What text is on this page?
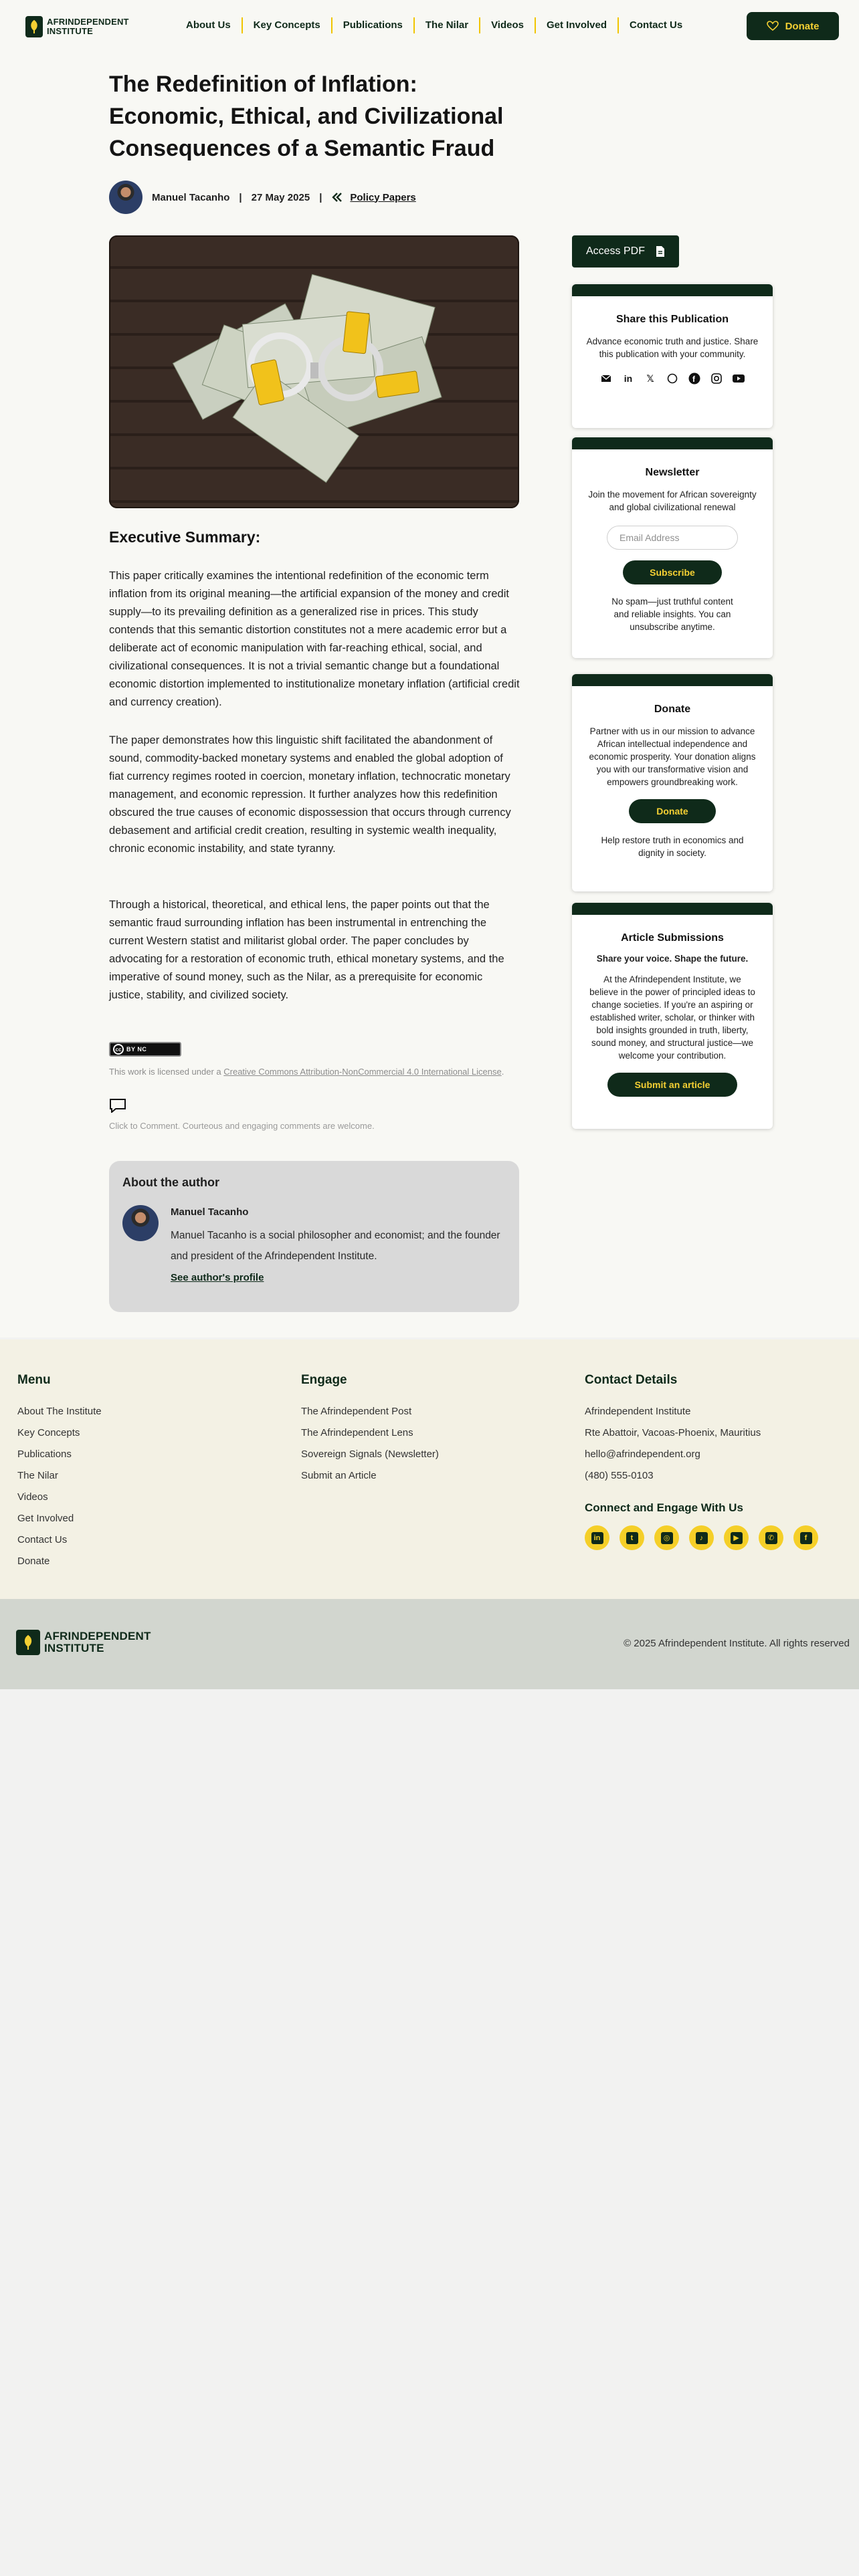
AFRINDEPENDENT
INSTITUTE
About Us	Key Concepts	Publications	The Nilar	Videos	Get Involved	Contact Us	Donate
The Redefinition of Inflation: Economic, Ethical, and Civilizational Consequences of a Semantic Fraud
Manuel Tacanho | 27 May 2025 |	Policy Papers
Executive Summary:

This paper critically examines the intentional redefinition of the economic term inflation from its original meaning—the artificial expansion of the money and credit supply—to its prevailing definition as a generalized rise in prices. This study contends that this semantic distortion constitutes not a mere academic error but a deliberate act of economic manipulation with far-reaching ethical, social, and civilizational consequences. It is not a trivial semantic change but a foundational economic distortion implemented to institutionalize monetary inflation (artificial credit and currency creation).

The paper demonstrates how this linguistic shift facilitated the abandonment of sound, commodity-backed monetary systems and enabled the global adoption of fiat currency regimes rooted in coercion, monetary inflation, technocratic monetary management, and economic repression. It further analyzes how this redefinition obscured the true causes of economic dispossession that occurs through currency debasement and artificial credit creation, resulting in systemic wealth inequality, chronic economic instability, and state tyranny.

Through a historical, theoretical, and ethical lens, the paper points out that the semantic fraud surrounding inflation has been instrumental in entrenching the current Western statist and militarist global order. The paper concludes by advocating for a restoration of economic truth, ethical monetary systems, and the imperative of sound money, such as the Nilar, as a prerequisite for economic justice, stability, and civilized society.

cc BY NC

This work is licensed under a Creative Commons Attribution-NonCommercial 4.0 International License.

Click to Comment. Courteous and engaging comments are welcome.

About the author
Manuel Tacanho
Manuel Tacanho is a social philosopher and economist; and the founder and president of the Afrindependent Institute.
See author's profile
Access PDF
Share this Publication
Advance economic truth and justice. Share this publication with your community.
in	𝕏	f
Newsletter
Join the movement for African sovereignty and global civilizational renewal
Email Address
Subscribe
No spam—just truthful content and reliable insights. You can unsubscribe anytime.
Donate
Partner with us in our mission to advance African intellectual independence and economic prosperity. Your donation aligns you with our transformative vision and empowers groundbreaking work.
Donate
Help restore truth in economics and dignity in society.
Article Submissions
Share your voice. Shape the future.
At the Afrindependent Institute, we believe in the power of principled ideas to change societies. If you're an aspiring or established writer, scholar, or thinker with bold insights grounded in truth, liberty, sound money, and structural justice—we welcome your contribution.
Submit an article
Menu
About The Institute
Key Concepts
Publications
The Nilar
Videos
Get Involved
Contact Us
Donate
Engage
The Afrindependent Post
The Afrindependent Lens
Sovereign Signals (Newsletter)
Submit an Article
Contact Details
Afrindependent Institute
Rte Abattoir, Vacoas-Phoenix, Mauritius
hello@afrindependent.org
(480) 555-0103
Connect and Engage With Us
in	t	◎	♪	▶	✆	f
AFRINDEPENDENT
INSTITUTE	© 2025 Afrindependent Institute. All rights reserved
